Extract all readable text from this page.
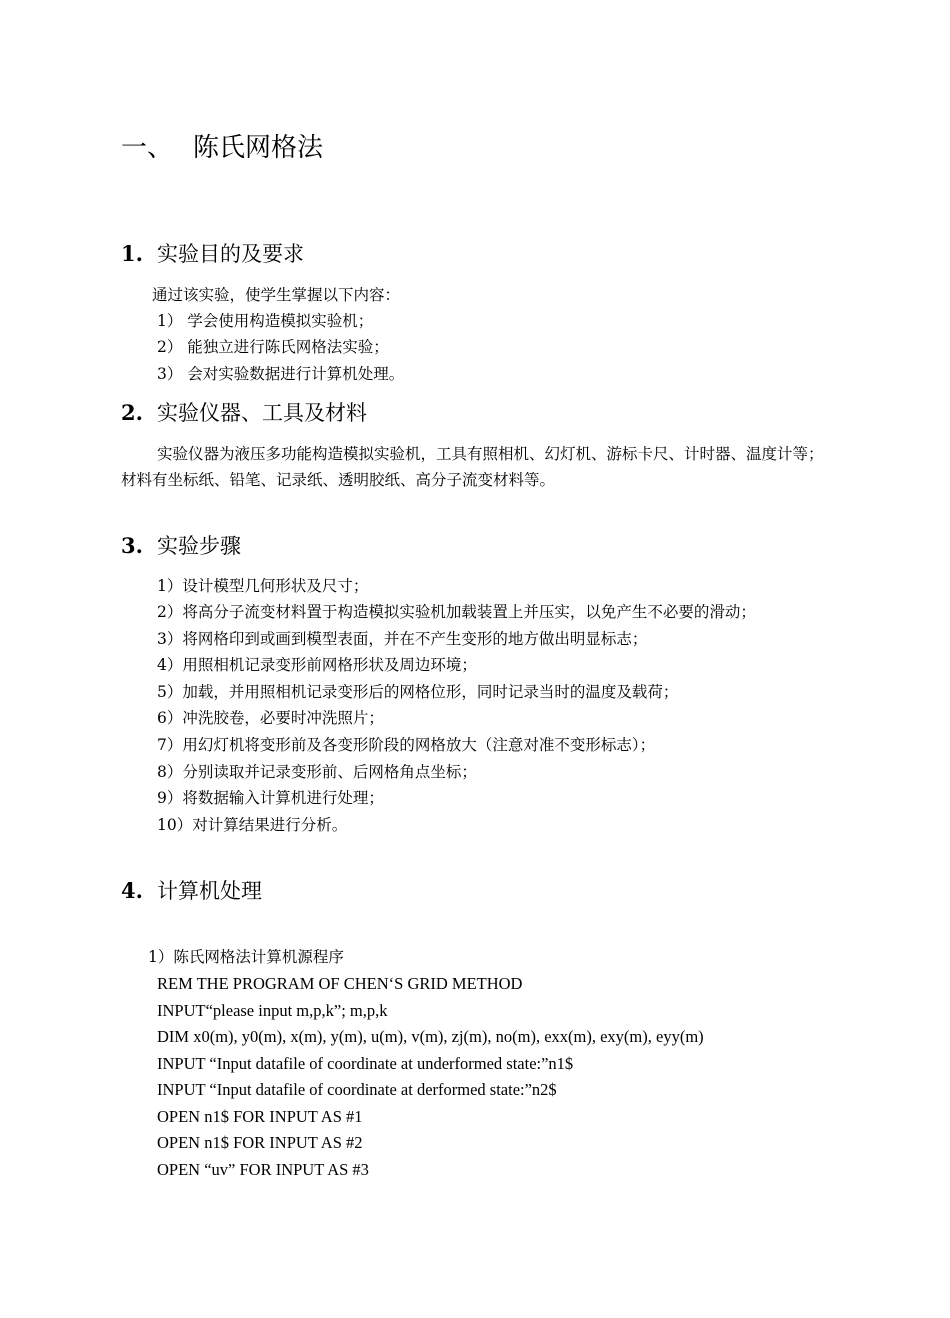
一、 陈氏网格法
1. 实验目的及要求
通过该实验，使学生掌握以下内容：
1） 学会使用构造模拟实验机；
2） 能独立进行陈氏网格法实验；
3） 会对实验数据进行计算机处理。
2. 实验仪器、工具及材料
实验仪器为液压多功能构造模拟实验机，工具有照相机、幻灯机、游标卡尺、计时器、温度计等；材料有坐标纸、铅笔、记录纸、透明胶纸、高分子流变材料等。
3. 实验步骤
1）设计模型几何形状及尺寸；
2）将高分子流变材料置于构造模拟实验机加载装置上并压实，以免产生不必要的滑动；
3）将网格印到或画到模型表面，并在不产生变形的地方做出明显标志；
4）用照相机记录变形前网格形状及周边环境；
5）加载，并用照相机记录变形后的网格位形，同时记录当时的温度及载荷；
6）冲洗胶卷，必要时冲洗照片；
7）用幻灯机将变形前及各变形阶段的网格放大（注意对准不变形标志）；
8）分别读取并记录变形前、后网格角点坐标；
9）将数据输入计算机进行处理；
10）对计算结果进行分析。
4. 计算机处理
1）陈氏网格法计算机源程序
REM THE PROGRAM OF CHEN‘S GRID METHOD
INPUT“please input m,p,k”; m,p,k
DIM x0(m), y0(m), x(m), y(m), u(m), v(m), zj(m), no(m), exx(m), exy(m), eyy(m)
INPUT “Input datafile of coordinate at underformed state:”n1$
INPUT “Input datafile of coordinate at derformed state:”n2$
OPEN n1$ FOR INPUT AS #1
OPEN n1$ FOR INPUT AS #2
OPEN “uv” FOR INPUT AS #3
